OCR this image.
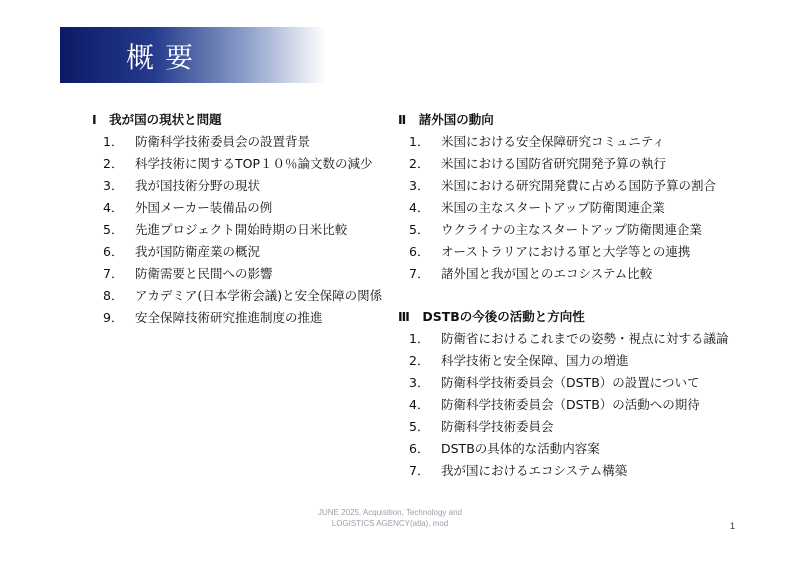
概要
Ⅰ　我が国の現状と問題
1． 防衛科学技術委員会の設置背景
2． 科学技術に関するTOP１０％論文数の減少
3． 我が国技術分野の現状
4． 外国メーカー装備品の例
5． 先進プロジェクト開始時期の日米比較
6． 我が国防衛産業の概況
7． 防衛需要と民間への影響
8． アカデミア(日本学術会議)と安全保障の関係
9． 安全保障技術研究推進制度の推進
Ⅱ　諸外国の動向
1． 米国における安全保障研究コミュニティ
2． 米国における国防省研究開発予算の執行
3． 米国における研究開発費に占める国防予算の割合
4． 米国の主なスタートアップ防衛関連企業
5． ウクライナの主なスタートアップ防衛関連企業
6． オーストラリアにおける軍と大学等との連携
7． 諸外国と我が国とのエコシステム比較
Ⅲ　DSTBの今後の活動と方向性
1． 防衛省におけるこれまでの姿勢・視点に対する議論
2． 科学技術と安全保障、国力の増進
3． 防衛科学技術委員会（DSTB）の設置について
4． 防衛科学技術委員会（DSTB）の活動への期待
5． 防衛科学技術委員会
6． DSTBの具体的な活動内容案
7． 我が国におけるエコシステム構築
JUNE 2025, Acquisition, Technology and
LOGISTICS AGENCY(atla), mod	1
